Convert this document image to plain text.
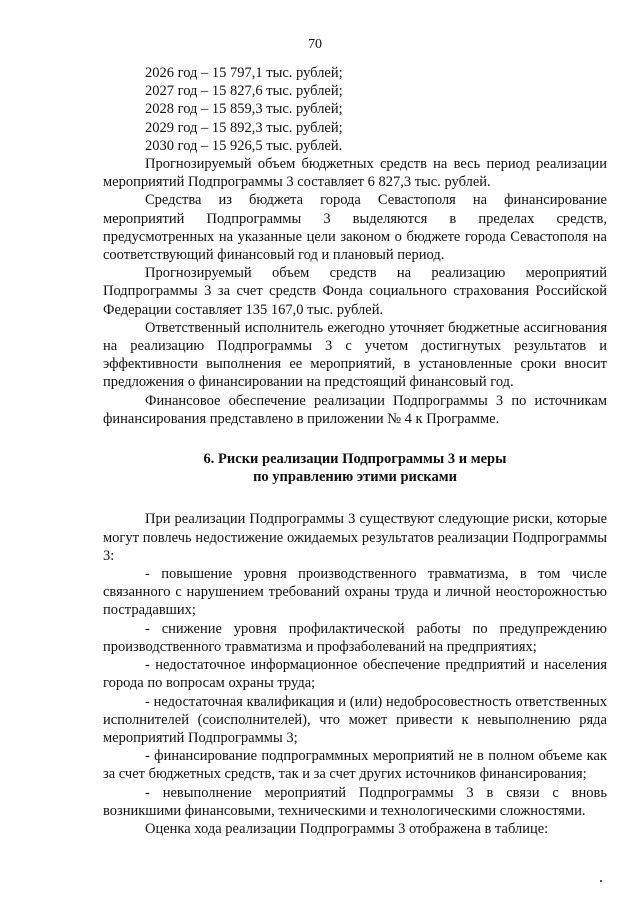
70

2026 год – 15 797,1 тыс. рублей;

2027 год – 15 827,6 тыс. рублей;

2028 год – 15 859,3 тыс. рублей;

2029 год – 15 892,3 тыс. рублей;

2030 год – 15 926,5 тыс. рублей.

Прогнозируемый объем бюджетных средств на весь период реализации мероприятий Подпрограммы 3 составляет 6 827,3 тыс. рублей.

Средства из бюджета города Севастополя на финансирование мероприятий Подпрограммы 3 выделяются в пределах средств, предусмотренных на указанные цели законом о бюджете города Севастополя на соответствующий финансовый год и плановый период.

Прогнозируемый объем средств на реализацию мероприятий Подпрограммы 3 за счет средств Фонда социального страхования Российской Федерации составляет 135 167,0 тыс. рублей.

Ответственный исполнитель ежегодно уточняет бюджетные ассигнования на реализацию Подпрограммы 3 с учетом достигнутых результатов и эффективности выполнения ее мероприятий, в установленные сроки вносит предложения о финансировании на предстоящий финансовый год.

Финансовое обеспечение реализации Подпрограммы 3 по источникам финансирования представлено в приложении № 4 к Программе.

6. Риски реализации Подпрограммы 3 и меры

по управлению этими рисками

При реализации Подпрограммы 3 существуют следующие риски, которые могут повлечь недостижение ожидаемых результатов реализации Подпрограммы 3:

- повышение уровня производственного травматизма, в том числе связанного с нарушением требований охраны труда и личной неосторожностью пострадавших;

- снижение уровня профилактической работы по предупреждению производственного травматизма и профзаболеваний на предприятиях;

- недостаточное информационное обеспечение предприятий и населения города по вопросам охраны труда;

- недостаточная квалификация и (или) недобросовестность ответственных исполнителей (соисполнителей), что может привести к невыполнению ряда мероприятий Подпрограммы 3;

- финансирование подпрограммных мероприятий не в полном объеме как за счет бюджетных средств, так и за счет других источников финансирования;

- невыполнение мероприятий Подпрограммы 3 в связи с вновь возникшими финансовыми, техническими и технологическими сложностями.

Оценка хода реализации Подпрограммы 3 отображена в таблице:
